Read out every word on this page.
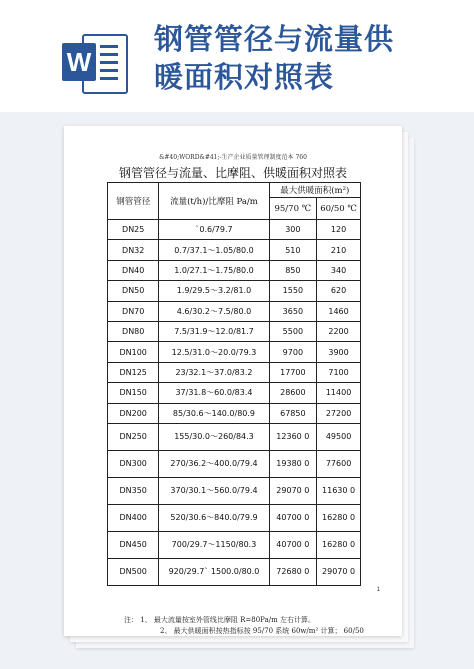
W
钢管管径与流量供
暖面积对照表
&#40;WORD&#41;-生产企业质量管理制度范本 760
钢管管径与流量、比摩阻、供暖面积对照表
钢管管径	流量(t/h)/比摩阻 Pa/m	最大供暖面积(m²)	
		95/70 ℃	60/50 ℃
DN25	`0.6/79.7	300	120
DN32	0.7/37.1～1.05/80.0	510	210
DN40	1.0/27.1～1.75/80.0	850	340
DN50	1.9/29.5～3.2/81.0	1550	620
DN70	4.6/30.2～7.5/80.0	3650	1460
DN80	7.5/31.9～12.0/81.7	5500	2200
DN100	12.5/31.0～20.0/79.3	9700	3900
DN125	23/32.1～37.0/83.2	17700	7100
DN150	37/31.8～60.0/83.4	28600	11400
DN200	85/30.6～140.0/80.9	67850	27200
DN250	155/30.0～260/84.3	12360 0	49500
DN300	270/36.2～400.0/79.4	19380 0	77600
DN350	370/30.1～560.0/79.4	29070 0	11630 0
DN400	520/30.6～840.0/79.9	40700 0	16280 0
DN450	700/29.7～1150/80.3	40700 0	16280 0
DN500	920/29.7` 1500.0/80.0	72680 0	29070 0
注： 1、 最大流量按室外管线比摩阻 R=80Pa/m 左右计算。
2、 最大供暖面积按热指标按 95/70 系统 60w/m² 计算； 60/50
1
